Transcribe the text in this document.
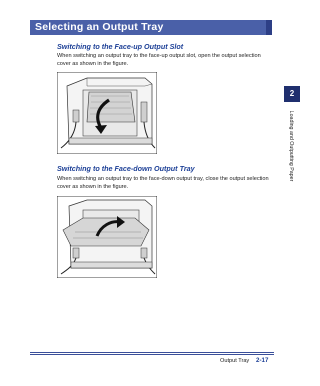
Selecting an Output Tray
Switching to the Face-up Output Slot
When switching an output tray to the face-up output slot, open the output selection cover as shown in the figure.
Switching to the Face-down Output Tray
When switching an output tray to the face-down output tray, close the output selection cover as shown in the figure.
2
Loading and Outputting Paper
Output Tray 2-17
